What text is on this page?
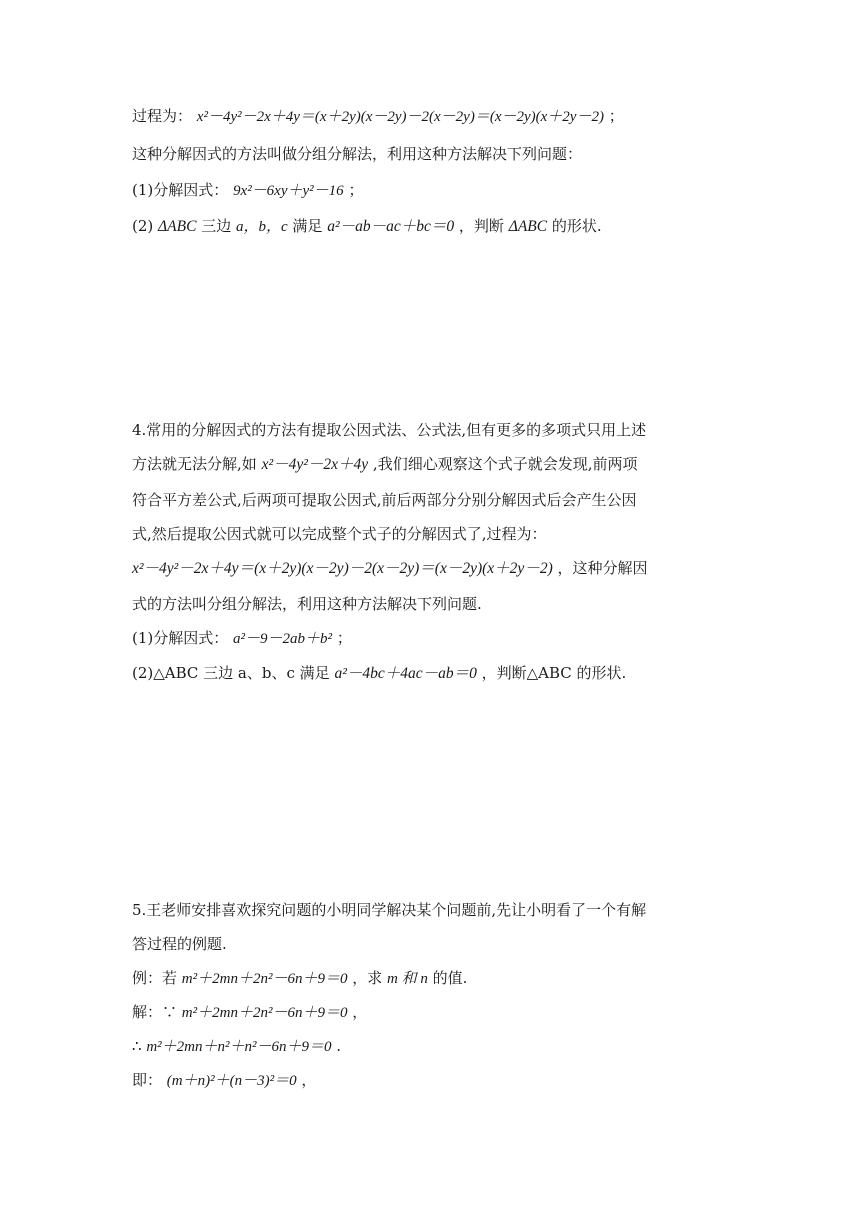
过程为： x²－4y²－2x＋4y＝(x＋2y)(x－2y)－2(x－2y)＝(x－2y)(x＋2y－2) ；
这种分解因式的方法叫做分组分解法，利用这种方法解决下列问题：
(1)分解因式： 9x²－6xy＋y²－16 ；
(2) ΔABC 三边 a，b，c 满足 a²－ab－ac＋bc＝0 ，判断 ΔABC 的形状.
4.常用的分解因式的方法有提取公因式法、公式法,但有更多的多项式只用上述
方法就无法分解,如 x²－4y²－2x＋4y ,我们细心观察这个式子就会发现,前两项
符合平方差公式,后两项可提取公因式,前后两部分分别分解因式后会产生公因
式,然后提取公因式就可以完成整个式子的分解因式了,过程为：
x²－4y²－2x＋4y＝(x＋2y)(x－2y)－2(x－2y)＝(x－2y)(x＋2y－2) ，这种分解因
式的方法叫分组分解法，利用这种方法解决下列问题.
(1)分解因式： a²－9－2ab＋b² ；
(2)△ABC 三边 a、b、c 满足 a²－4bc＋4ac－ab＝0 ，判断△ABC 的形状.
5.王老师安排喜欢探究问题的小明同学解决某个问题前,先让小明看了一个有解
答过程的例题.
例：若 m²＋2mn＋2n²－6n＋9＝0 ，求 m 和 n 的值.
解：∵ m²＋2mn＋2n²－6n＋9＝0 ，
∴ m²＋2mn＋n²＋n²－6n＋9＝0 .
即： (m＋n)²＋(n－3)²＝0 ，
